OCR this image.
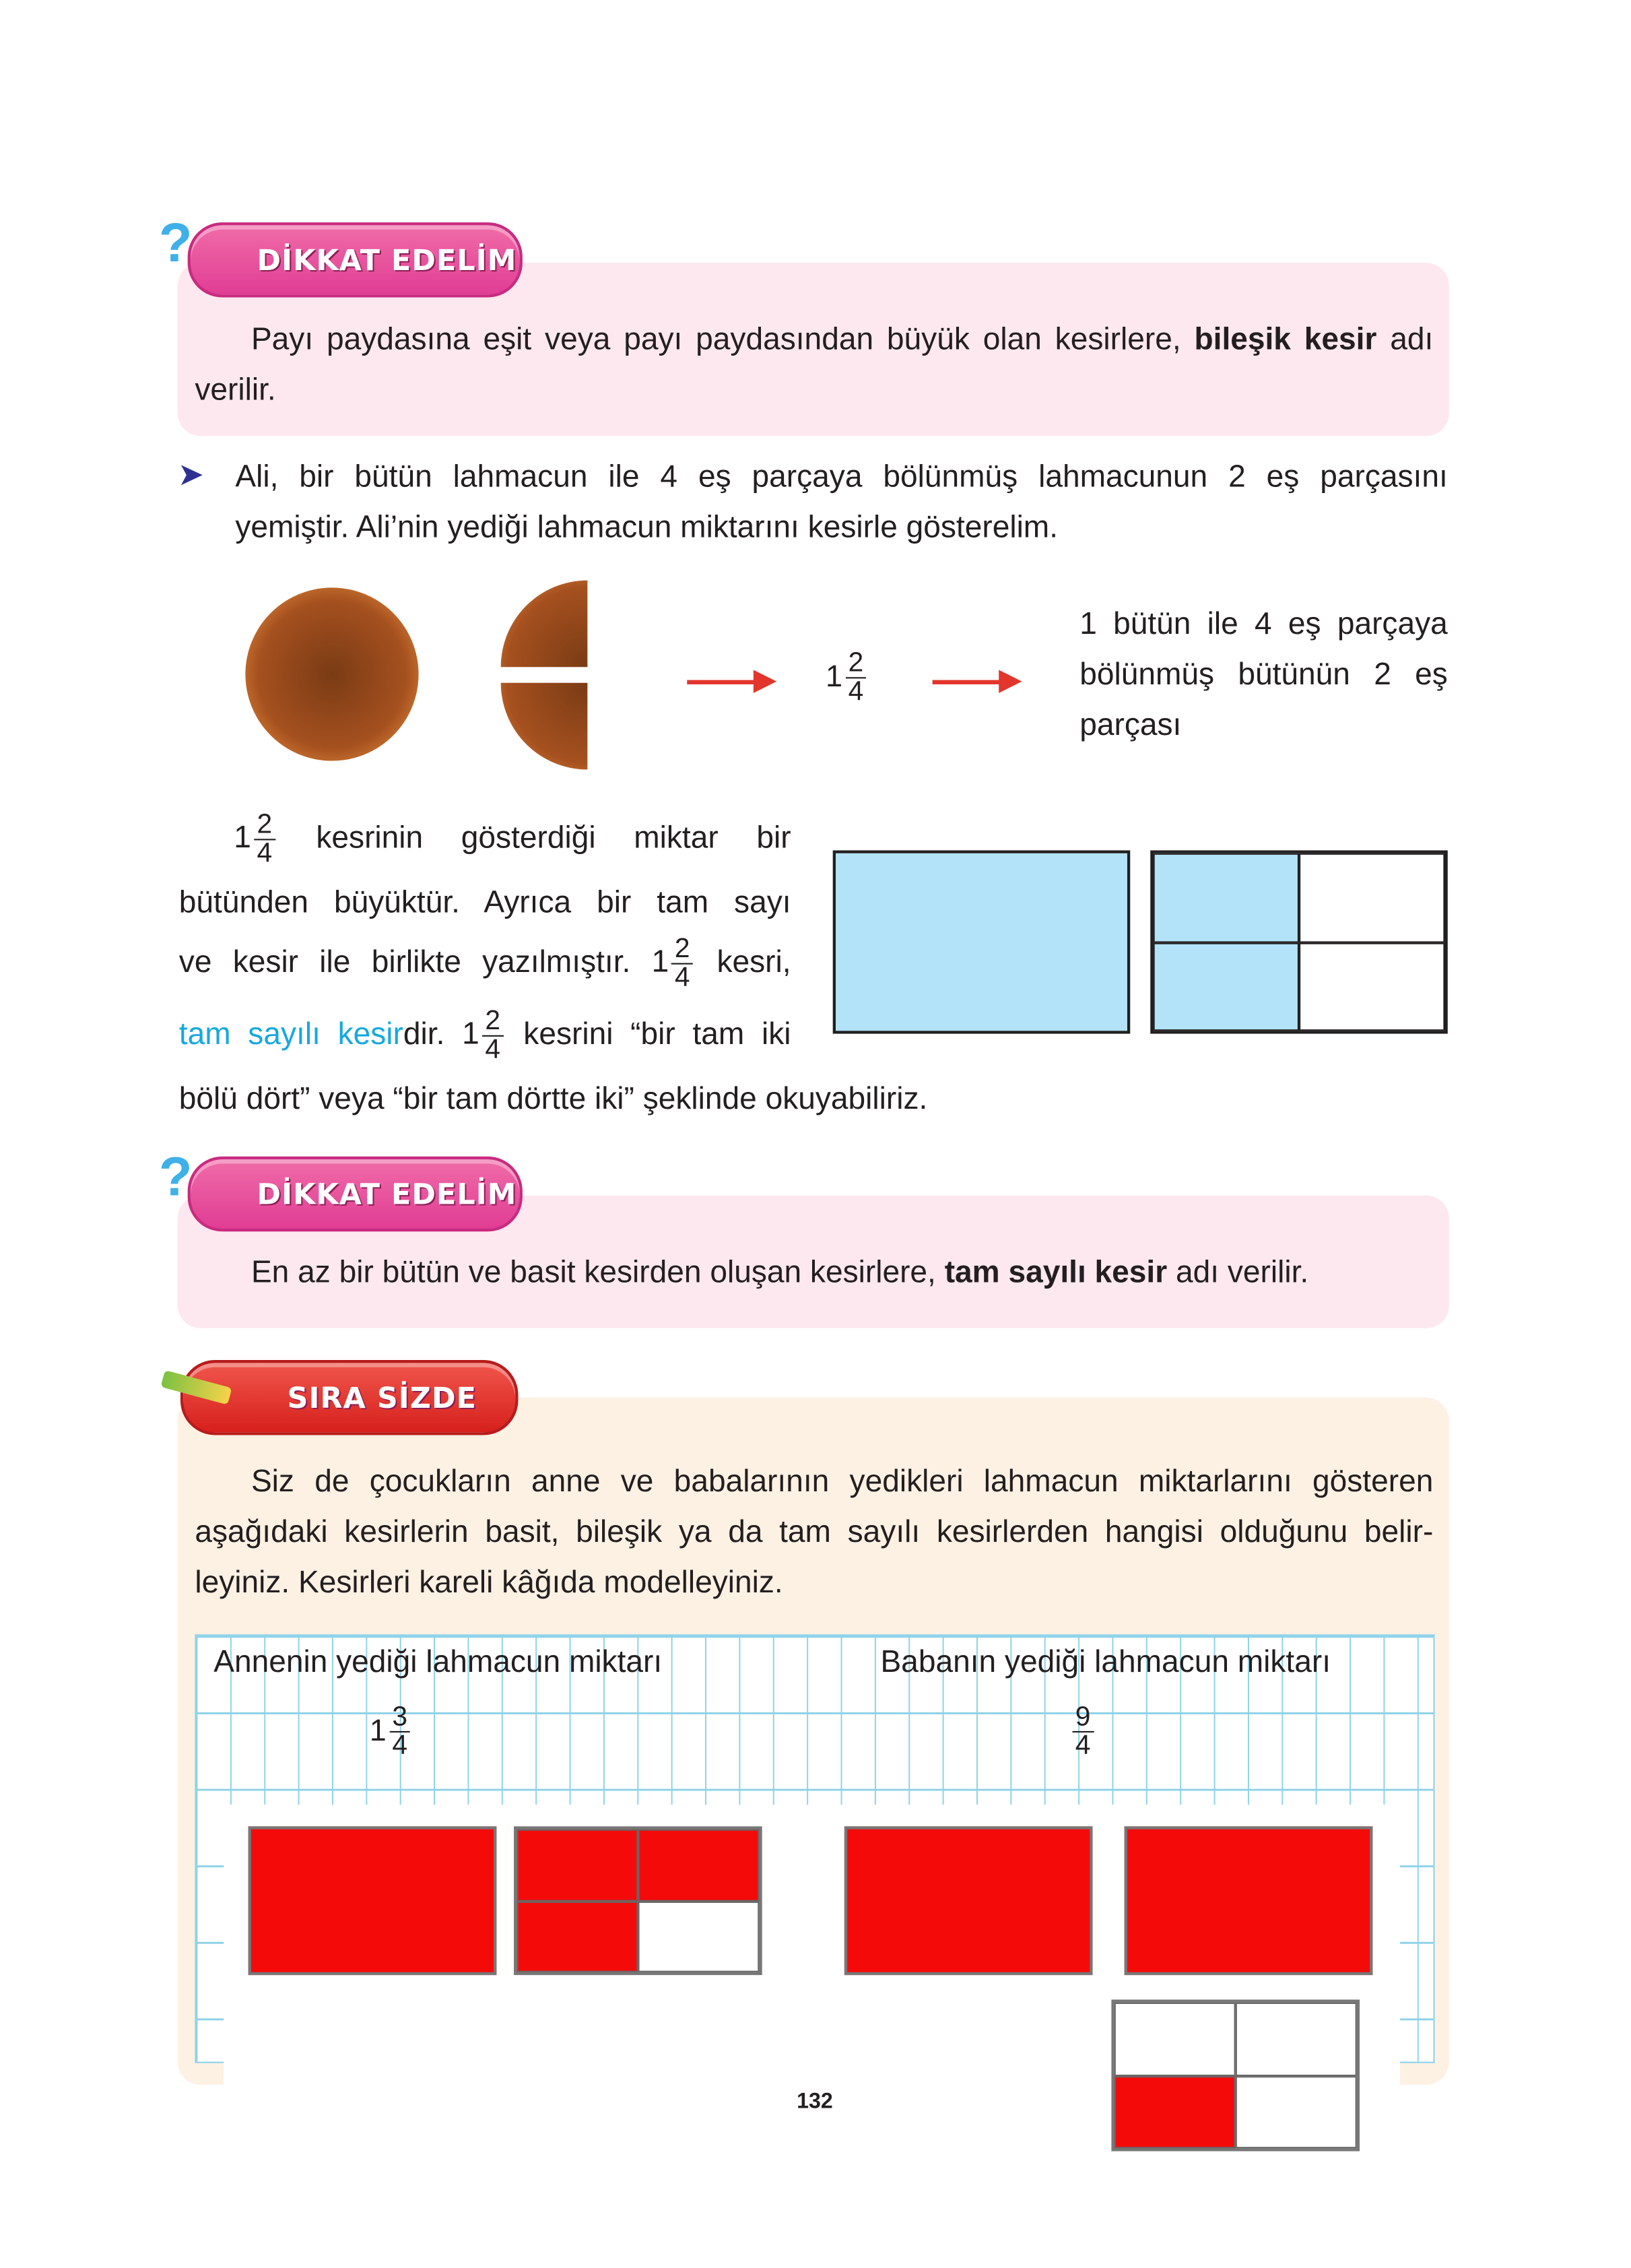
DİKKAT EDELİM
?
Payı paydasına eşit veya payı paydasından büyük olan kesirlere, bileşik kesir adı verilir.
➤ Ali, bir bütün lahmacun ile 4 eş parçaya bölünmüş lahmacunun 2 eş parçasını
yemiştir. Ali’nin yediği lahmacun miktarını kesirle gösterelim.
$1 \frac{2}{4}$
1 bütün ile 4 eş parçaya
bölünmüş bütünün 2 eş
parçası
$1 \frac{2}{4}$	kesrinin gösterdiği miktar bir
bütünden büyüktür. Ayrıca bir tam sayı
ve kesir ile birlikte yazılmıştır. $1 \frac{2}{4}$ kesri,
tam sayılı kesirdir. $1 \frac{2}{4}$ kesrini “bir tam iki
bölü dört” veya “bir tam dörtte iki” şeklinde okuyabiliriz.
DİKKAT EDELİM
?
En az bir bütün ve basit kesirden oluşan kesirlere, tam sayılı kesir adı verilir.
SIRA SİZDE
Siz de çocukların anne ve babalarının yedikleri lahmacun miktarlarını gösteren
aşağıdaki kesirlerin basit, bileşik ya da tam sayılı kesirlerden hangisi olduğunu belir-
leyiniz. Kesirleri kareli kâğıda modelleyiniz.
Annenin yediği lahmacun miktarı	Babanın yediği lahmacun miktarı
$1 \frac{3}{4}$	$\frac{9}{4}$
132
